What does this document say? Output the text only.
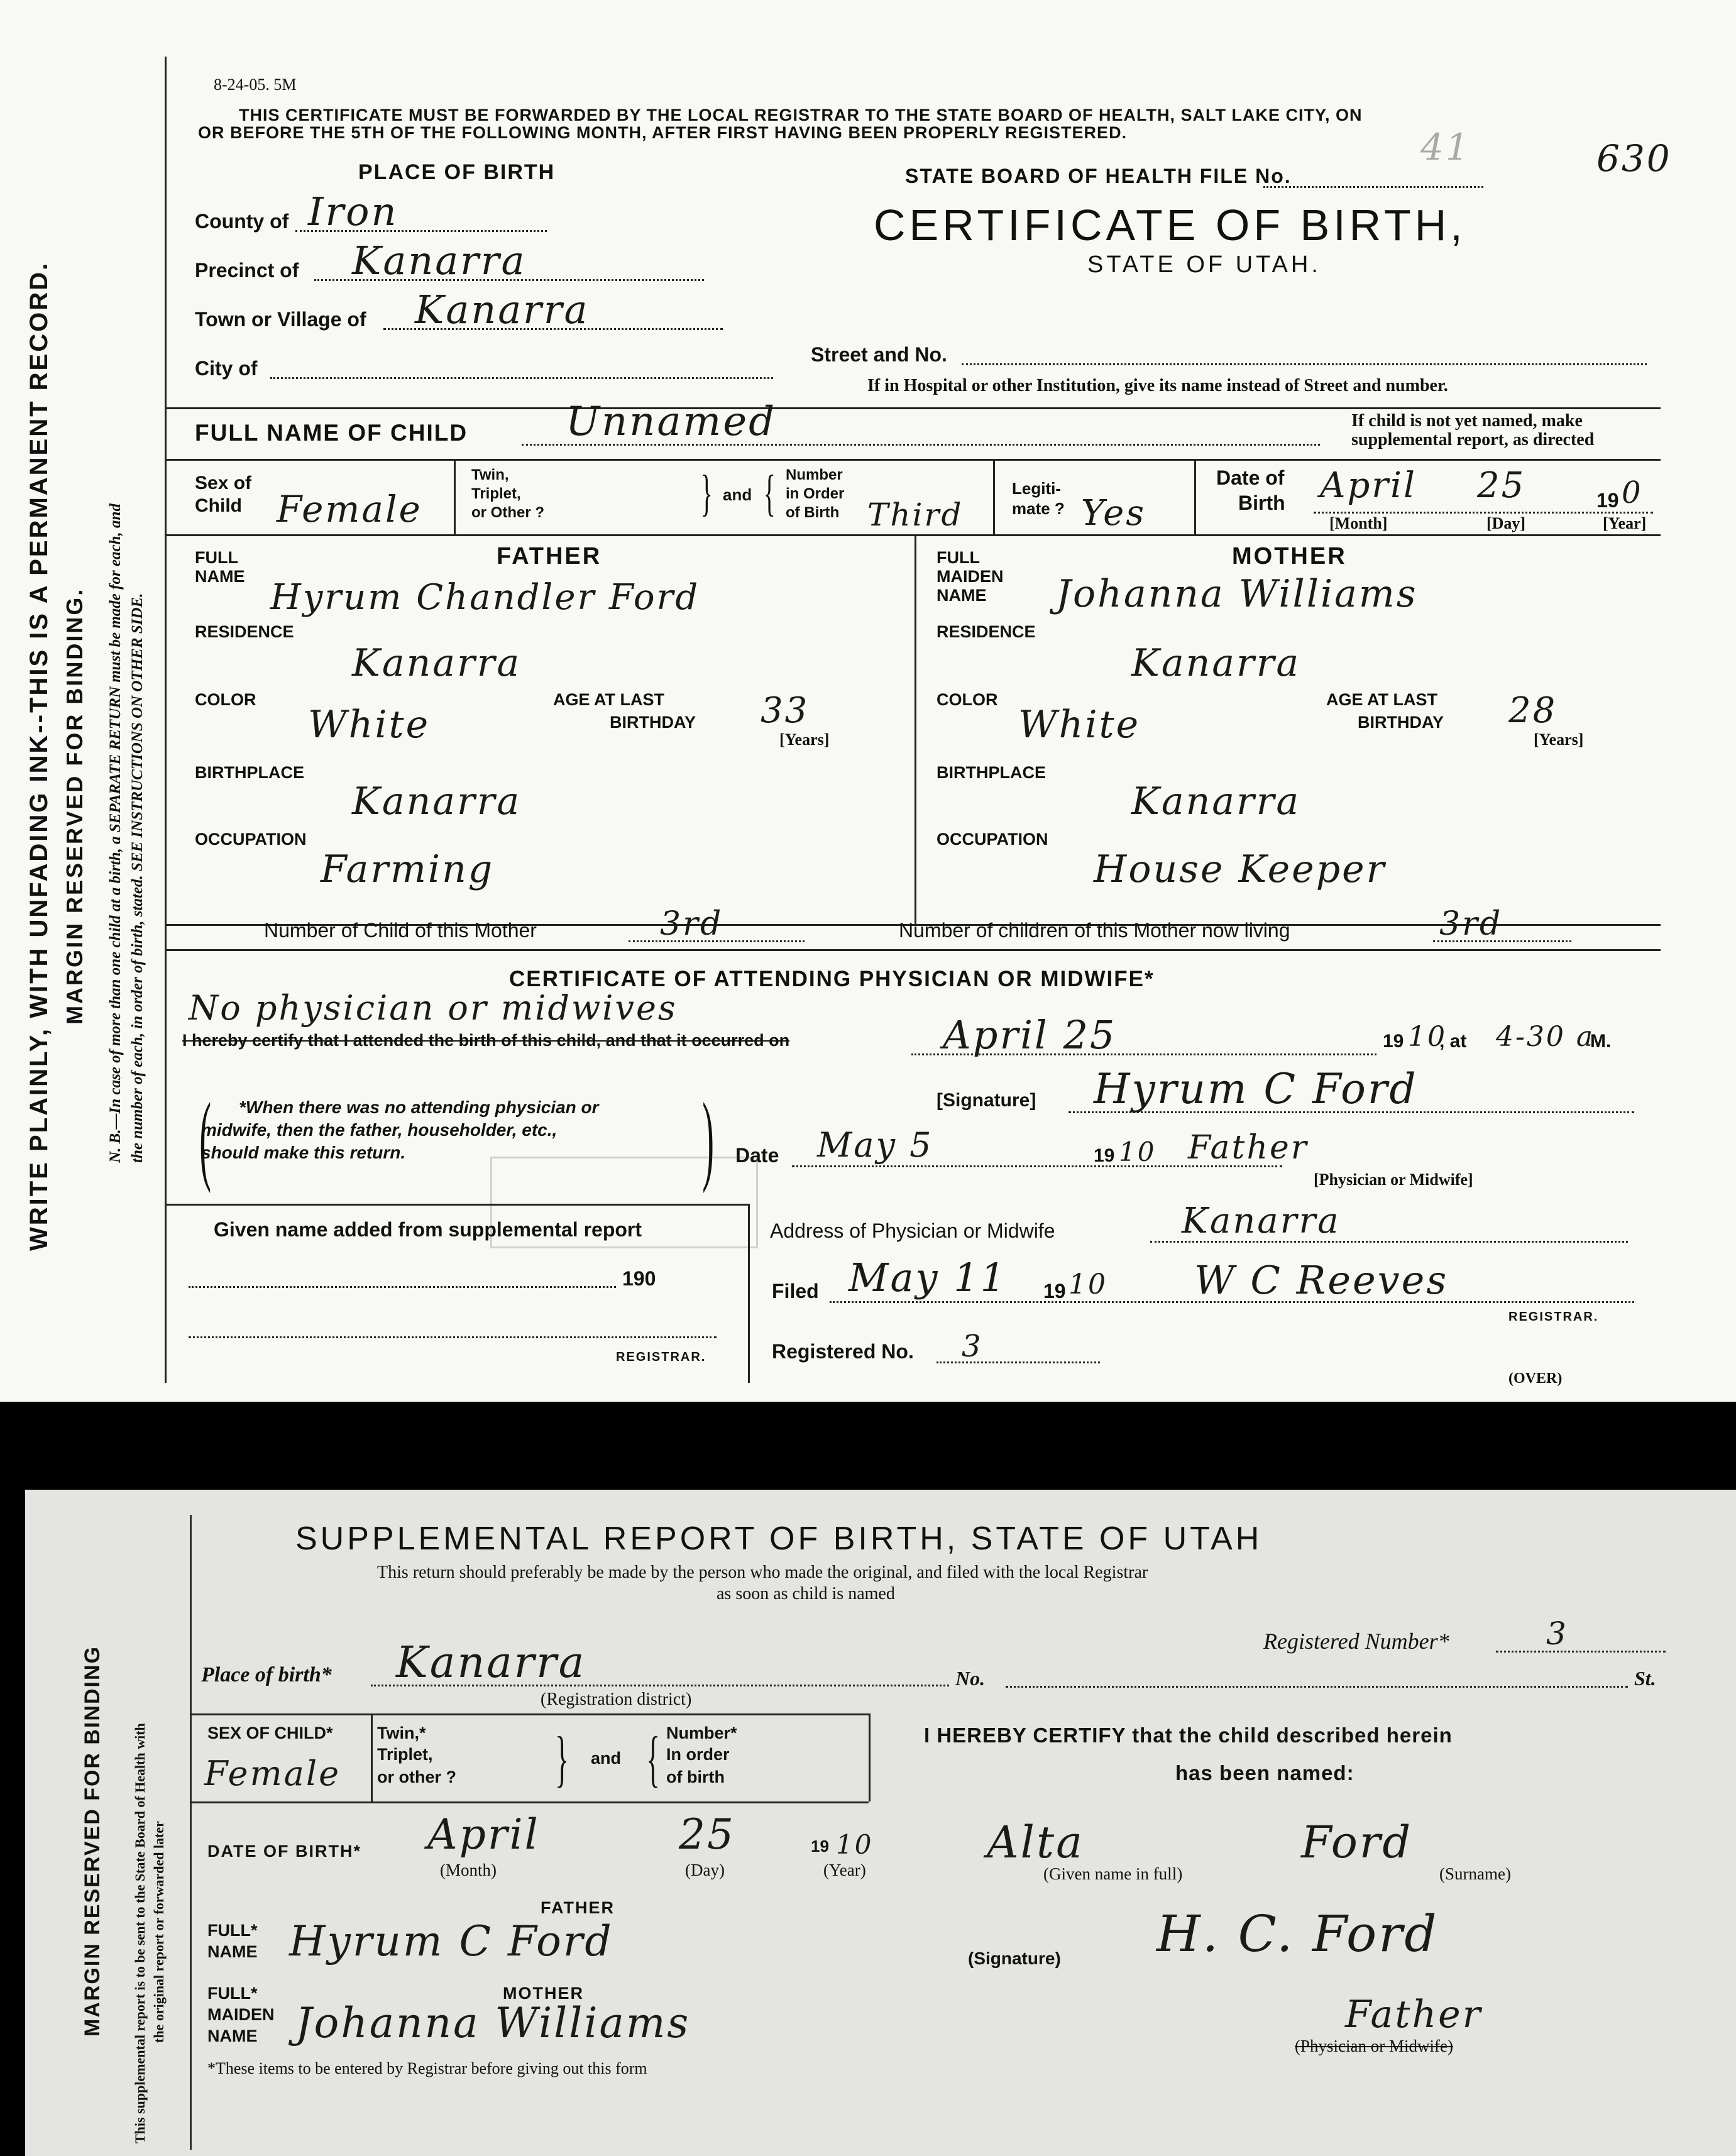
WRITE PLAINLY, WITH UNFADING INK--THIS IS A PERMANENT RECORD. MARGIN RESERVED FOR BINDING. N. B.—In case of more than one child at a birth, a SEPARATE RETURN must be made for each, and the number of each, in order of birth, stated. SEE INSTRUCTIONS ON OTHER SIDE.
8-24-05. 5M
THIS CERTIFICATE MUST BE FORWARDED BY THE LOCAL REGISTRAR TO THE STATE BOARD OF HEALTH, SALT LAKE CITY, ON
OR BEFORE THE 5TH OF THE FOLLOWING MONTH, AFTER FIRST HAVING BEEN PROPERLY REGISTERED.
PLACE OF BIRTH	STATE BOARD OF HEALTH FILE No.
41	630
CERTIFICATE OF BIRTH,
STATE OF UTAH.
County of Iron
Precinct of Kanarra
Town or Village of Kanarra
City of
Street and No.
If in Hospital or other Institution, give its name instead of Street and number.
FULL NAME OF CHILD Unnamed	If child is not yet named, make
supplemental report, as directed
Sex of
Child Female
Twin,
Triplet,
or Other ?	} and { Number
in Order
of Birth Third
Legiti-
mate ? Yes
Date of
Birth April 25	19 0
[Month]	[Day]	[Year]
FULL
NAME
FATHER
Hyrum Chandler Ford
RESIDENCE
Kanarra
COLOR
White
AGE AT LAST
BIRTHDAY 33
[Years]
BIRTHPLACE
Kanarra
OCCUPATION
Farming
FULL
MAIDEN
NAME
MOTHER
Johanna Williams
RESIDENCE
Kanarra
COLOR
White
AGE AT LAST
BIRTHDAY 28
[Years]
BIRTHPLACE
Kanarra
OCCUPATION
House Keeper
Number of Child of this Mother	3rd	Number of children of this Mother now living	3rd
CERTIFICATE OF ATTENDING PHYSICIAN OR MIDWIFE*
No physician or midwives
I hereby certify that I attended the birth of this child, and that it occurred on	April 25	19 10
, at 4-30 a
M.
( *When there was no attending physician or
midwife, then the father, householder, etc.,
should make this return.	)	[Signature] Hyrum C Ford
Date May 5	19 10 Father
[Physician or Midwife]
Given name added from supplemental report
190
REGISTRAR.
Address of Physician or Midwife	Kanarra
Filed May 11 19 10 W C Reeves
REGISTRAR.
Registered No. 3
(OVER)
MARGIN RESERVED FOR BINDING This supplemental report is to be sent to the State Board of Health with the original report or forwarded later
SUPPLEMENTAL REPORT OF BIRTH, STATE OF UTAH
This return should preferably be made by the person who made the original, and filed with the local Registrar
as soon as child is named
Registered Number*	3
Place of birth* Kanarra
(Registration district)
No.	St.
SEX OF CHILD*
Female
Twin,*
Triplet,
or other ? } and { Number*
In order
of birth
I HEREBY CERTIFY that the child described herein
has been named:
DATE OF BIRTH* April	25	19 10
(Month)	(Day)	(Year)
Alta	Ford
(Given name in full)	(Surname)
FATHER
FULL*
NAME Hyrum C Ford	(Signature) H. C. Ford
MOTHER
FULL*
MAIDEN
NAME Johanna Williams	Father
(Physician or Midwife)
*These items to be entered by Registrar before giving out this form
